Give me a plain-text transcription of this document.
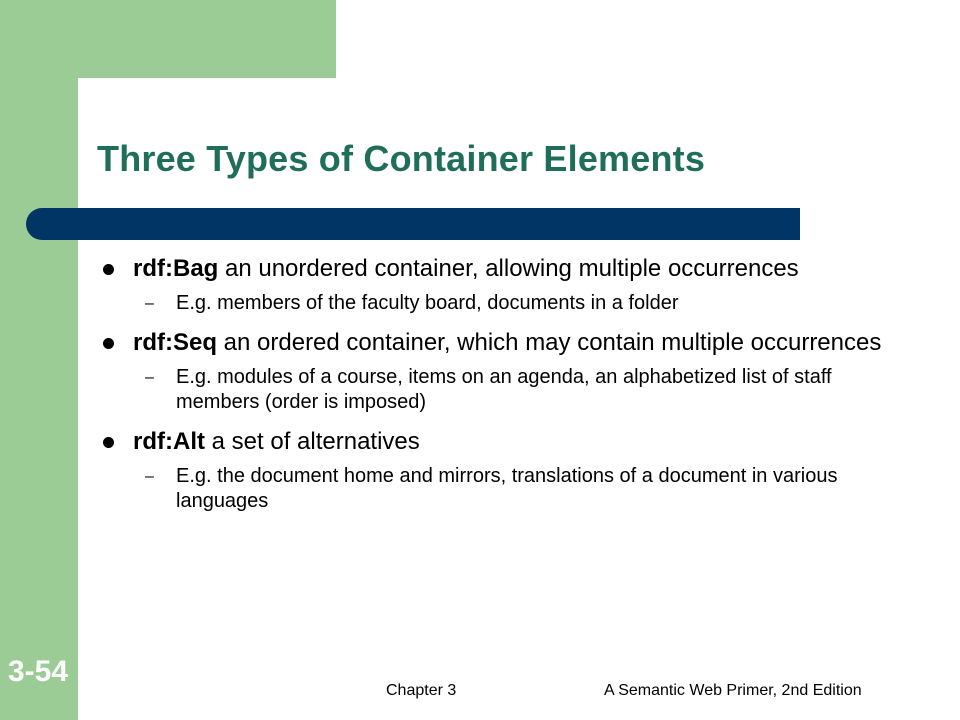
Three Types of Container Elements
rdf:Bag an unordered container, allowing multiple occurrences
– E.g. members of the faculty board, documents in a folder
rdf:Seq an ordered container, which may contain multiple occurrences
– E.g. modules of a course, items on an agenda, an alphabetized list of staff members (order is imposed)
rdf:Alt a set of alternatives
– E.g. the document home and mirrors, translations of a document in various languages
3-54
Chapter 3	A Semantic Web Primer, 2nd Edition
